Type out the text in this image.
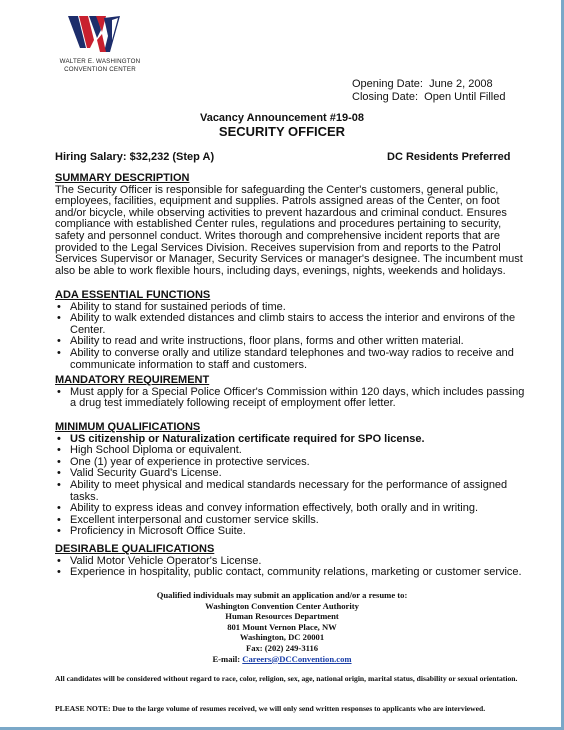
WALTER E. WASHINGTON
CONVENTION CENTER
Opening Date: June 2, 2008
Closing Date: Open Until Filled
Vacancy Announcement #19-08
SECURITY OFFICER
Hiring Salary: $32,232 (Step A)	DC Residents Preferred
SUMMARY DESCRIPTION
The Security Officer is responsible for safeguarding the Center's customers, general public, employees, facilities, equipment and supplies. Patrols assigned areas of the Center, on foot and/or bicycle, while observing activities to prevent hazardous and criminal conduct. Ensures compliance with established Center rules, regulations and procedures pertaining to security, safety and personnel conduct. Writes thorough and comprehensive incident reports that are provided to the Legal Services Division. Receives supervision from and reports to the Patrol Services Supervisor or Manager, Security Services or manager's designee. The incumbent must also be able to work flexible hours, including days, evenings, nights, weekends and holidays.
ADA ESSENTIAL FUNCTIONS
• Ability to stand for sustained periods of time.
• Ability to walk extended distances and climb stairs to access the interior and environs of the Center.
• Ability to read and write instructions, floor plans, forms and other written material.
• Ability to converse orally and utilize standard telephones and two-way radios to receive and communicate information to staff and customers.
MANDATORY REQUIREMENT
• Must apply for a Special Police Officer's Commission within 120 days, which includes passing a drug test immediately following receipt of employment offer letter.
MINIMUM QUALIFICATIONS
• US citizenship or Naturalization certificate required for SPO license.
• High School Diploma or equivalent.
• One (1) year of experience in protective services.
• Valid Security Guard's License.
• Ability to meet physical and medical standards necessary for the performance of assigned tasks.
• Ability to express ideas and convey information effectively, both orally and in writing.
• Excellent interpersonal and customer service skills.
• Proficiency in Microsoft Office Suite.
DESIRABLE QUALIFICATIONS
• Valid Motor Vehicle Operator's License.
• Experience in hospitality, public contact, community relations, marketing or customer service.
Qualified individuals may submit an application and/or a resume to:
Washington Convention Center Authority
Human Resources Department
801 Mount Vernon Place, NW
Washington, DC 20001
Fax: (202) 249-3116
E-mail: Careers@DCConvention.com
All candidates will be considered without regard to race, color, religion, sex, age, national origin, marital status, disability or sexual orientation.
PLEASE NOTE: Due to the large volume of resumes received, we will only send written responses to applicants who are interviewed.
